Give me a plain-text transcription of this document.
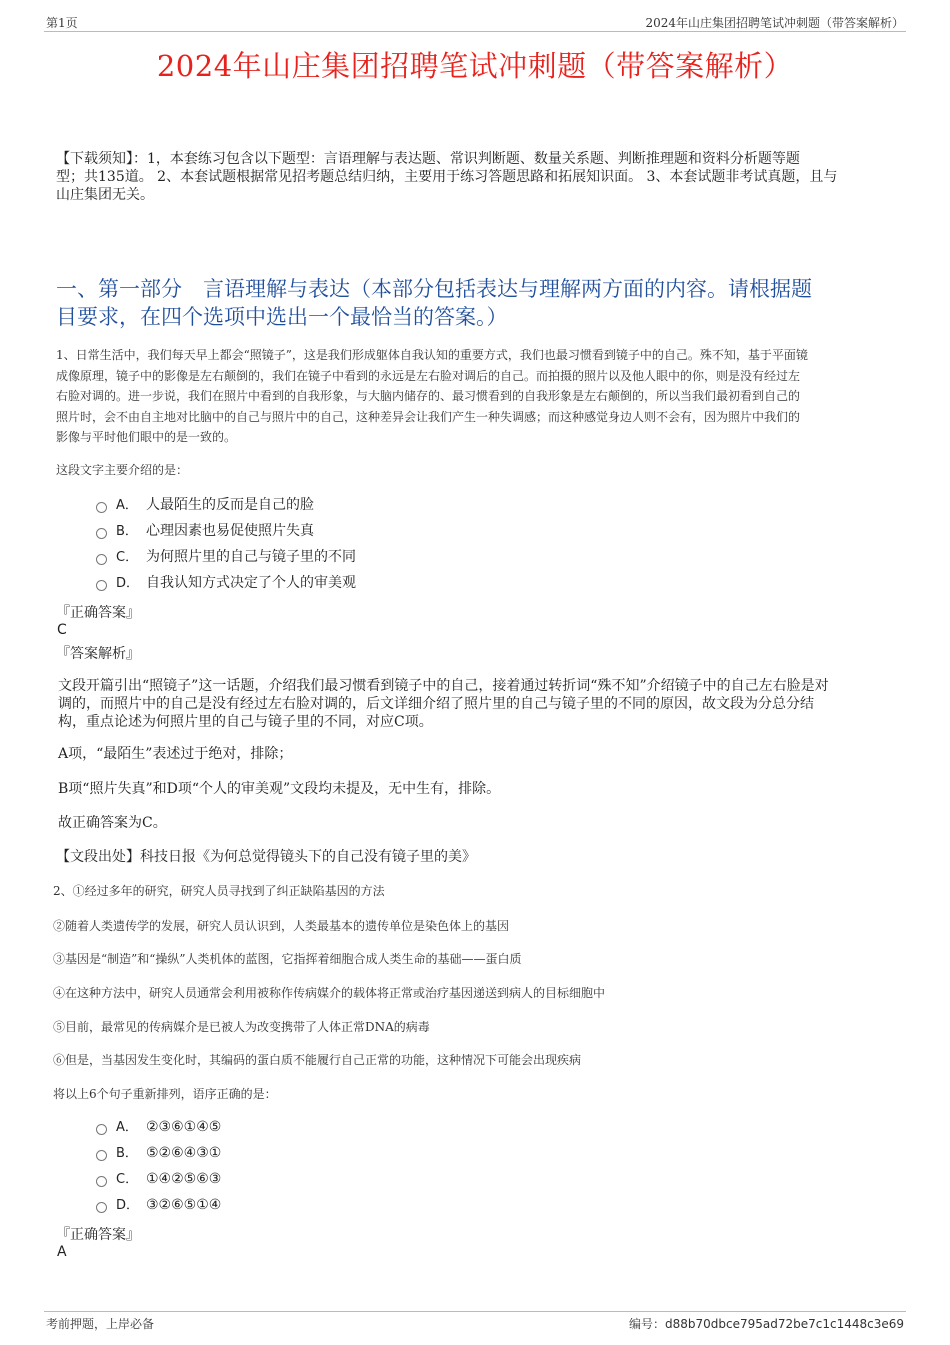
第1页	2024年山庄集团招聘笔试冲刺题（带答案解析）
2024年山庄集团招聘笔试冲刺题（带答案解析）
【下载须知】：1，本套练习包含以下题型：言语理解与表达题、常识判断题、数量关系题、判断推理题和资料分析题等题
型；共135道。 2、本套试题根据常见招考题总结归纳，主要用于练习答题思路和拓展知识面。 3、本套试题非考试真题，且与
山庄集团无关。
一、第一部分　言语理解与表达（本部分包括表达与理解两方面的内容。请根据题
目要求，在四个选项中选出一个最恰当的答案。）
1、日常生活中，我们每天早上都会“照镜子”，这是我们形成躯体自我认知的重要方式，我们也最习惯看到镜子中的自己。殊不知，基于平面镜
成像原理，镜子中的影像是左右颠倒的，我们在镜子中看到的永远是左右脸对调后的自己。而拍摄的照片以及他人眼中的你，则是没有经过左
右脸对调的。进一步说，我们在照片中看到的自我形象，与大脑内储存的、最习惯看到的自我形象是左右颠倒的，所以当我们最初看到自己的
照片时，会不由自主地对比脑中的自己与照片中的自己，这种差异会让我们产生一种失调感；而这种感觉身边人则不会有，因为照片中我们的
影像与平时他们眼中的是一致的。
这段文字主要介绍的是：
A． 人最陌生的反而是自己的脸
B． 心理因素也易促使照片失真
C． 为何照片里的自己与镜子里的不同
D． 自我认知方式决定了个人的审美观
『正确答案』
C
『答案解析』
文段开篇引出“照镜子”这一话题，介绍我们最习惯看到镜子中的自己，接着通过转折词“殊不知”介绍镜子中的自己左右脸是对
调的，而照片中的自己是没有经过左右脸对调的，后文详细介绍了照片里的自己与镜子里的不同的原因，故文段为分总分结
构，重点论述为何照片里的自己与镜子里的不同，对应C项。
A项，“最陌生”表述过于绝对，排除；
B项“照片失真”和D项“个人的审美观”文段均未提及，无中生有，排除。
故正确答案为C。
【文段出处】科技日报《为何总觉得镜头下的自己没有镜子里的美》
2、①经过多年的研究，研究人员寻找到了纠正缺陷基因的方法
②随着人类遗传学的发展，研究人员认识到，人类最基本的遗传单位是染色体上的基因
③基因是“制造”和“操纵”人类机体的蓝图，它指挥着细胞合成人类生命的基础——蛋白质
④在这种方法中，研究人员通常会利用被称作传病媒介的载体将正常或治疗基因递送到病人的目标细胞中
⑤目前，最常见的传病媒介是已被人为改变携带了人体正常DNA的病毒
⑥但是，当基因发生变化时，其编码的蛋白质不能履行自己正常的功能，这种情况下可能会出现疾病
将以上6个句子重新排列，语序正确的是：
A． ②③⑥①④⑤
B． ⑤②⑥④③①
C． ①④②⑤⑥③
D． ③②⑥⑤①④
『正确答案』
A
考前押题，上岸必备	编号：d88b70dbce795ad72be7c1c1448c3e69
